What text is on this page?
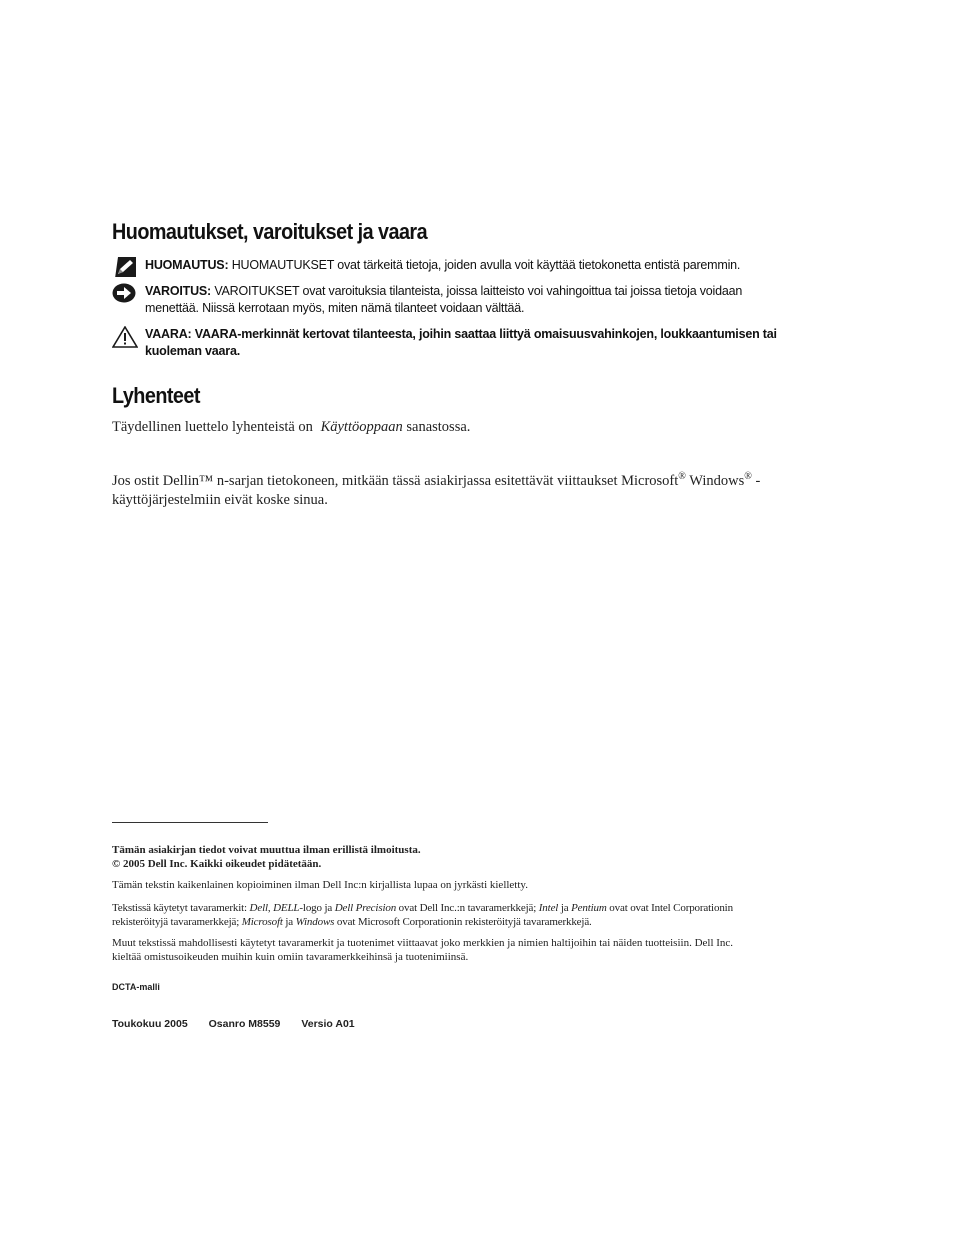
Huomautukset, varoitukset ja vaara
HUOMAUTUS: HUOMAUTUKSET ovat tärkeitä tietoja, joiden avulla voit käyttää tietokonetta entistä paremmin.
VAROITUS: VAROITUKSET ovat varoituksia tilanteista, joissa laitteisto voi vahingoittua tai joissa tietoja voidaan
menettää. Niissä kerrotaan myös, miten nämä tilanteet voidaan välttää.
VAARA: VAARA-merkinnät kertovat tilanteesta, joihin saattaa liittyä omaisuusvahinkojen, loukkaantumisen tai
kuoleman vaara.
Lyhenteet
Täydellinen luettelo lyhenteistä on Käyttöoppaan sanastossa.
Jos ostit Dellin™ n-sarjan tietokoneen, mitkään tässä asiakirjassa esitettävät viittaukset Microsoft® Windows® -
käyttöjärjestelmiin eivät koske sinua.
Tämän asiakirjan tiedot voivat muuttua ilman erillistä ilmoitusta.
© 2005 Dell Inc. Kaikki oikeudet pidätetään.
Tämän tekstin kaikenlainen kopioiminen ilman Dell Inc:n kirjallista lupaa on jyrkästi kielletty.
Tekstissä käytetyt tavaramerkit: Dell, DELL-logo ja Dell Precision ovat Dell Inc.:n tavaramerkkejä; Intel ja Pentium ovat ovat Intel Corporationin
rekisteröityjä tavaramerkkejä; Microsoft ja Windows ovat Microsoft Corporationin rekisteröityjä tavaramerkkejä.
Muut tekstissä mahdollisesti käytetyt tavaramerkit ja tuotenimet viittaavat joko merkkien ja nimien haltijoihin tai näiden tuotteisiin. Dell Inc.
kieltää omistusoikeuden muihin kuin omiin tavaramerkkeihinsä ja tuotenimiinsä.
DCTA-malli
Toukokuu 2005 Osanro M8559 Versio A01
